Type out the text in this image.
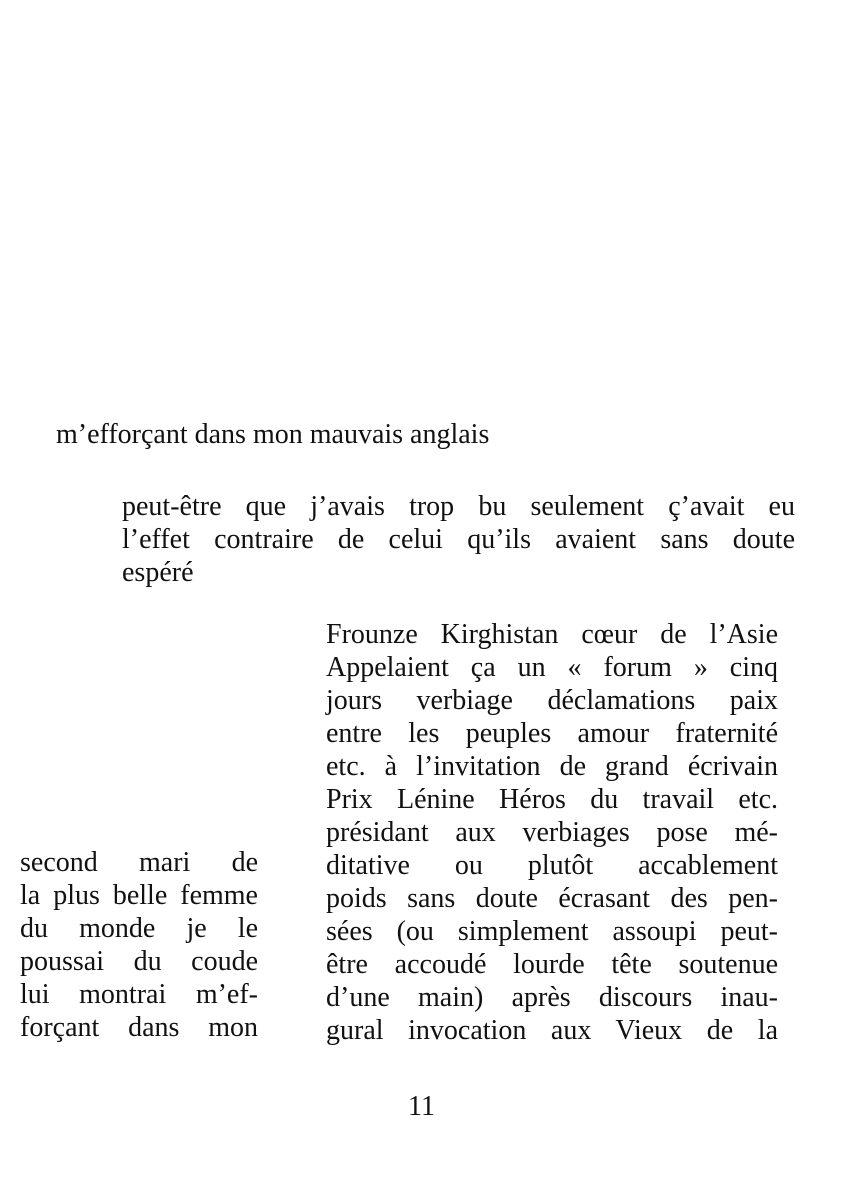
m’efforçant dans mon mauvais anglais
peut-être que j’avais trop bu seulement ç’avait eu
l’effet contraire de celui qu’ils avaient sans doute
espéré
second mari de
la plus belle femme
du monde je le
poussai du coude
lui montrai m’ef-
forçant dans mon
Frounze Kirghistan cœur de l’Asie
Appelaient ça un « forum » cinq
jours verbiage déclamations paix
entre les peuples amour fraternité
etc. à l’invitation de grand écrivain
Prix Lénine Héros du travail etc.
présidant aux verbiages pose mé-
ditative ou plutôt accablement
poids sans doute écrasant des pen-
sées (ou simplement assoupi peut-
être accoudé lourde tête soutenue
d’une main) après discours inau-
gural invocation aux Vieux de la
11
